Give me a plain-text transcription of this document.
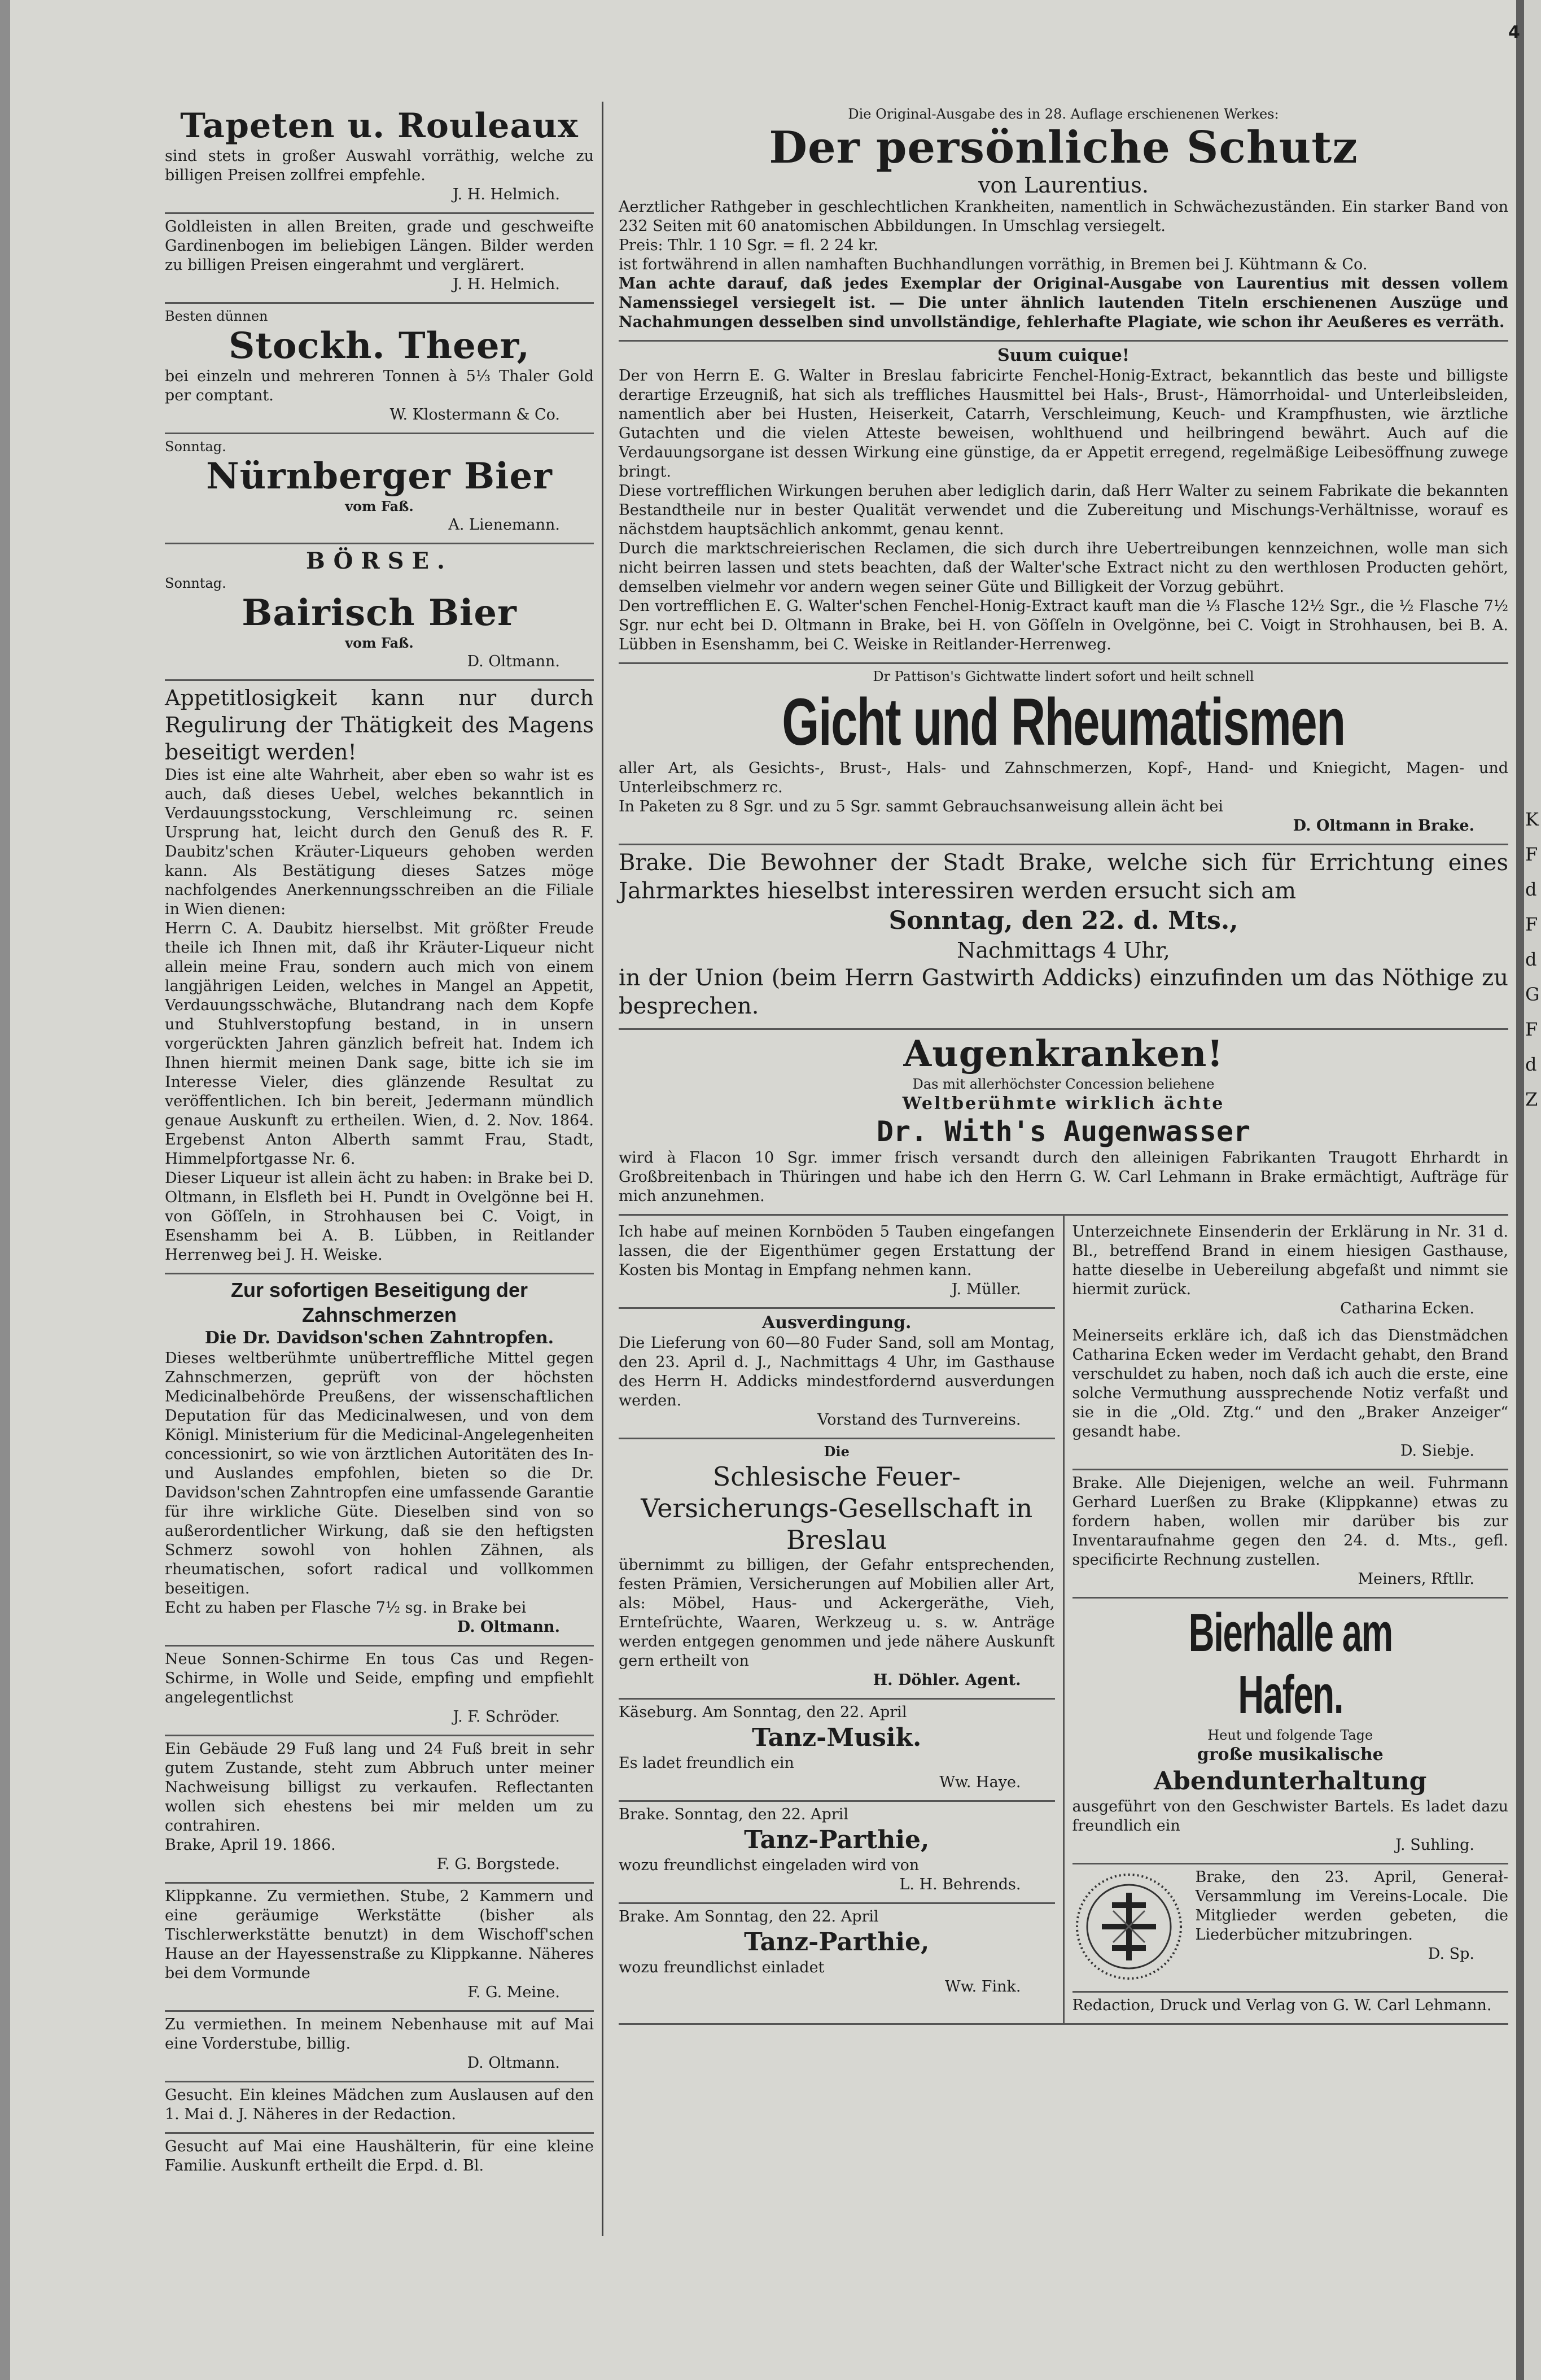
K
F
d
F
d
G
F
d
Z
4
Tapeten u. Rouleaux

sind stets in großer Auswahl vorräthig, welche zu billigen Preisen zollfrei empfehle.

J. H. Helmich.

Goldleisten in allen Breiten, grade und geschweifte Gardinenbogen im beliebigen Längen. Bilder werden zu billigen Preisen eingerahmt und verglärert.

J. H. Helmich.
Besten dünnen
Stockh. Theer,

bei einzeln und mehreren Tonnen à 5⅓ Thaler Gold per comptant.

W. Klostermann & Co.
Sonntag.
Nürnberger Bier
vom Faß.
A. Lienemann.
BÖRSE.
Sonntag.
Bairisch Bier
vom Faß.
D. Oltmann.
Appetitlosigkeit kann nur durch Regulirung der Thätigkeit des Magens beseitigt werden!

Dies ist eine alte Wahrheit, aber eben so wahr ist es auch, daß dieses Uebel, welches bekanntlich in Verdauungsstockung, Verschleimung rc. seinen Ursprung hat, leicht durch den Genuß des R. F. Daubitz'schen Kräuter-Liqueurs gehoben werden kann. Als Bestätigung dieses Satzes möge nachfolgendes Anerkennungsschreiben an die Filiale in Wien dienen:

Herrn C. A. Daubitz hierselbst. Mit größter Freude theile ich Ihnen mit, daß ihr Kräuter-Liqueur nicht allein meine Frau, sondern auch mich von einem langjährigen Leiden, welches in Mangel an Appetit, Verdauungsschwäche, Blutandrang nach dem Kopfe und Stuhlverstopfung bestand, in in unsern vorgerückten Jahren gänzlich befreit hat. Indem ich Ihnen hiermit meinen Dank sage, bitte ich sie im Interesse Vieler, dies glänzende Resultat zu veröffentlichen. Ich bin bereit, Jedermann mündlich genaue Auskunft zu ertheilen. Wien, d. 2. Nov. 1864. Ergebenst Anton Alberth sammt Frau, Stadt, Himmelpfortgasse Nr. 6.

Dieser Liqueur ist allein ächt zu haben: in Brake bei D. Oltmann, in Elsfleth bei H. Pundt in Ovelgönne bei H. von Göſſeln, in Strohhausen bei C. Voigt, in Esenshamm bei A. B. Lübben, in Reitlander Herrenweg bei J. H. Weiske.

Zur sofortigen Beseitigung der Zahnschmerzen
Die Dr. Davidson'schen Zahntropfen.

Dieses weltberühmte unübertreffliche Mittel gegen Zahnschmerzen, geprüft von der höchsten Medicinalbehörde Preußens, der wissenschaftlichen Deputation für das Medicinalwesen, und von dem Königl. Ministerium für die Medicinal-Angelegenheiten concessionirt, so wie von ärztlichen Autoritäten des In- und Auslandes empfohlen, bieten so die Dr. Davidson'schen Zahntropfen eine umfassende Garantie für ihre wirkliche Güte. Dieselben sind von so außerordentlicher Wirkung, daß sie den heftigsten Schmerz sowohl von hohlen Zähnen, als rheumatischen, sofort radical und vollkommen beseitigen.

Echt zu haben per Flasche 7½ sg. in Brake bei

D. Oltmann.

Neue Sonnen-Schirme En tous Cas und Regen-Schirme, in Wolle und Seide, empfing und empfiehlt angelegentlichst

J. F. Schröder.

Ein Gebäude 29 Fuß lang und 24 Fuß breit in sehr gutem Zustande, steht zum Abbruch unter meiner Nachweisung billigst zu verkaufen. Reflectanten wollen sich ehestens bei mir melden um zu contrahiren.

Brake, April 19. 1866.

F. G. Borgstede.

Klippkanne. Zu vermiethen. Stube, 2 Kammern und eine geräumige Werkstätte (bisher als Tischlerwerkstätte benutzt) in dem Wischoff'schen Hause an der Hayessenstraße zu Klippkanne. Näheres bei dem Vormunde

F. G. Meine.

Zu vermiethen. In meinem Nebenhause mit auf Mai eine Vorderstube, billig.

D. Oltmann.

Gesucht. Ein kleines Mädchen zum Auslausen auf den 1. Mai d. J. Näheres in der Redaction.

Gesucht auf Mai eine Haushälterin, für eine kleine Familie. Auskunft ertheilt die Erpd. d. Bl.

Die Original-Ausgabe des in 28. Auflage erschienenen Werkes:
Der persönliche Schutz
von Laurentius.

Aerztlicher Rathgeber in geschlechtlichen Krankheiten, namentlich in Schwächezuständen. Ein starker Band von 232 Seiten mit 60 anatomischen Abbildungen. In Umschlag versiegelt.

Preis: Thlr. 1 10 Sgr. = fl. 2 24 kr.

ist fortwährend in allen namhaften Buchhandlungen vorräthig, in Bremen bei J. Kühtmann & Co.

Man achte darauf, daß jedes Exemplar der Original-Ausgabe von Laurentius mit dessen vollem Namenssiegel versiegelt ist. — Die unter ähnlich lautenden Titeln erschienenen Auszüge und Nachahmungen desselben sind unvollständige, fehlerhafte Plagiate, wie schon ihr Aeußeres es verräth.

Suum cuique!

Der von Herrn E. G. Walter in Breslau fabricirte Fenchel-Honig-Extract, bekanntlich das beste und billigste derartige Erzeugniß, hat sich als treffliches Hausmittel bei Hals-, Brust-, Hämorrhoidal- und Unterleibsleiden, namentlich aber bei Husten, Heiserkeit, Catarrh, Verschleimung, Keuch- und Krampfhusten, wie ärztliche Gutachten und die vielen Atteste beweisen, wohlthuend und heilbringend bewährt. Auch auf die Verdauungsorgane ist dessen Wirkung eine günstige, da er Appetit erregend, regelmäßige Leibesöffnung zuwege bringt.

Diese vortrefflichen Wirkungen beruhen aber lediglich darin, daß Herr Walter zu seinem Fabrikate die bekannten Bestandtheile nur in bester Qualität verwendet und die Zubereitung und Mischungs-Verhältnisse, worauf es nächstdem hauptsächlich ankommt, genau kennt.

Durch die marktschreierischen Reclamen, die sich durch ihre Uebertreibungen kennzeichnen, wolle man sich nicht beirren lassen und stets beachten, daß der Walter'sche Extract nicht zu den werthlosen Producten gehört, demselben vielmehr vor andern wegen seiner Güte und Billigkeit der Vorzug gebührt.

Den vortrefflichen E. G. Walter'schen Fenchel-Honig-Extract kauft man die ⅓ Flasche 12½ Sgr., die ½ Flasche 7½ Sgr. nur echt bei D. Oltmann in Brake, bei H. von Göſſeln in Ovelgönne, bei C. Voigt in Strohhausen, bei B. A. Lübben in Esenshamm, bei C. Weiske in Reitlander-Herrenweg.

Dr Pattison's Gichtwatte lindert sofort und heilt schnell
Gicht und Rheumatismen

aller Art, als Gesichts-, Brust-, Hals- und Zahnschmerzen, Kopf-, Hand- und Kniegicht, Magen- und Unterleibschmerz rc.

In Paketen zu 8 Sgr. und zu 5 Sgr. sammt Gebrauchsanweisung allein ächt bei

D. Oltmann in Brake.
Brake. Die Bewohner der Stadt Brake, welche sich für Errichtung eines Jahrmarktes hieselbst interessiren werden ersucht sich am
Sonntag, den 22. d. Mts.,
Nachmittags 4 Uhr,
in der Union (beim Herrn Gastwirth Addicks) einzufinden um das Nöthige zu besprechen.
Augenkranken!
Das mit allerhöchster Concession beliehene
Weltberühmte wirklich ächte
Dr. With's Augenwasser

wird à Flacon 10 Sgr. immer frisch versandt durch den alleinigen Fabrikanten Traugott Ehrhardt in Großbreitenbach in Thüringen und habe ich den Herrn G. W. Carl Lehmann in Brake ermächtigt, Aufträge für mich anzunehmen.

Ich habe auf meinen Kornböden 5 Tauben eingefangen lassen, die der Eigenthümer gegen Erstattung der Kosten bis Montag in Empfang nehmen kann.

J. Müller.
Ausverdingung.

Die Lieferung von 60—80 Fuder Sand, soll am Montag, den 23. April d. J., Nachmittags 4 Uhr, im Gasthause des Herrn H. Addicks mindestfordernd ausverdungen werden.

Vorstand des Turnvereins.
Die
Schlesische Feuer-Versicherungs-Gesellschaft in Breslau

übernimmt zu billigen, der Gefahr entsprechenden, festen Prämien, Versicherungen auf Mobilien aller Art, als: Möbel, Haus- und Ackergeräthe, Vieh, Ernteſrüchte, Waaren, Werkzeug u. s. w. Anträge werden entgegen genommen und jede nähere Auskunft gern ertheilt von

H. Döhler. Agent.

Käseburg. Am Sonntag, den 22. April

Tanz-Musik.

Es ladet freundlich ein

Ww. Haye.

Brake. Sonntag, den 22. April

Tanz-Parthie,

wozu freundlichst eingeladen wird von

L. H. Behrends.

Brake. Am Sonntag, den 22. April

Tanz-Parthie,

wozu freundlichst einladet

Ww. Fink.

Unterzeichnete Einsenderin der Erklärung in Nr. 31 d. Bl., betreffend Brand in einem hiesigen Gasthause, hatte dieselbe in Uebereilung abgefaßt und nimmt sie hiermit zurück.

Catharina Ecken.

Meinerseits erkläre ich, daß ich das Dienstmädchen Catharina Ecken weder im Verdacht gehabt, den Brand verschuldet zu haben, noch daß ich auch die erste, eine solche Vermuthung aussprechende Notiz verfaßt und sie in die „Old. Ztg.“ und den „Braker Anzeiger“ gesandt habe.

D. Siebje.

Brake. Alle Diejenigen, welche an weil. Fuhrmann Gerhard Luerßen zu Brake (Klippkanne) etwas zu fordern haben, wollen mir darüber bis zur Inventaraufnahme gegen den 24. d. Mts., gefl. specificirte Rechnung zustellen.

Meiners, Rftllr.
Bierhalle am Hafen.
Heut und folgende Tage
große musikalische
Abendunterhaltung

ausgeführt von den Geschwister Bartels. Es ladet dazu freundlich ein

J. Suhling.

Brake, den 23. April, Generał-Versammlung im Vereins-Locale. Die Mitglieder werden gebeten, die Liederbücher mitzubringen.

D. Sp.

Redaction, Druck und Verlag von G. W. Carl Lehmann.
